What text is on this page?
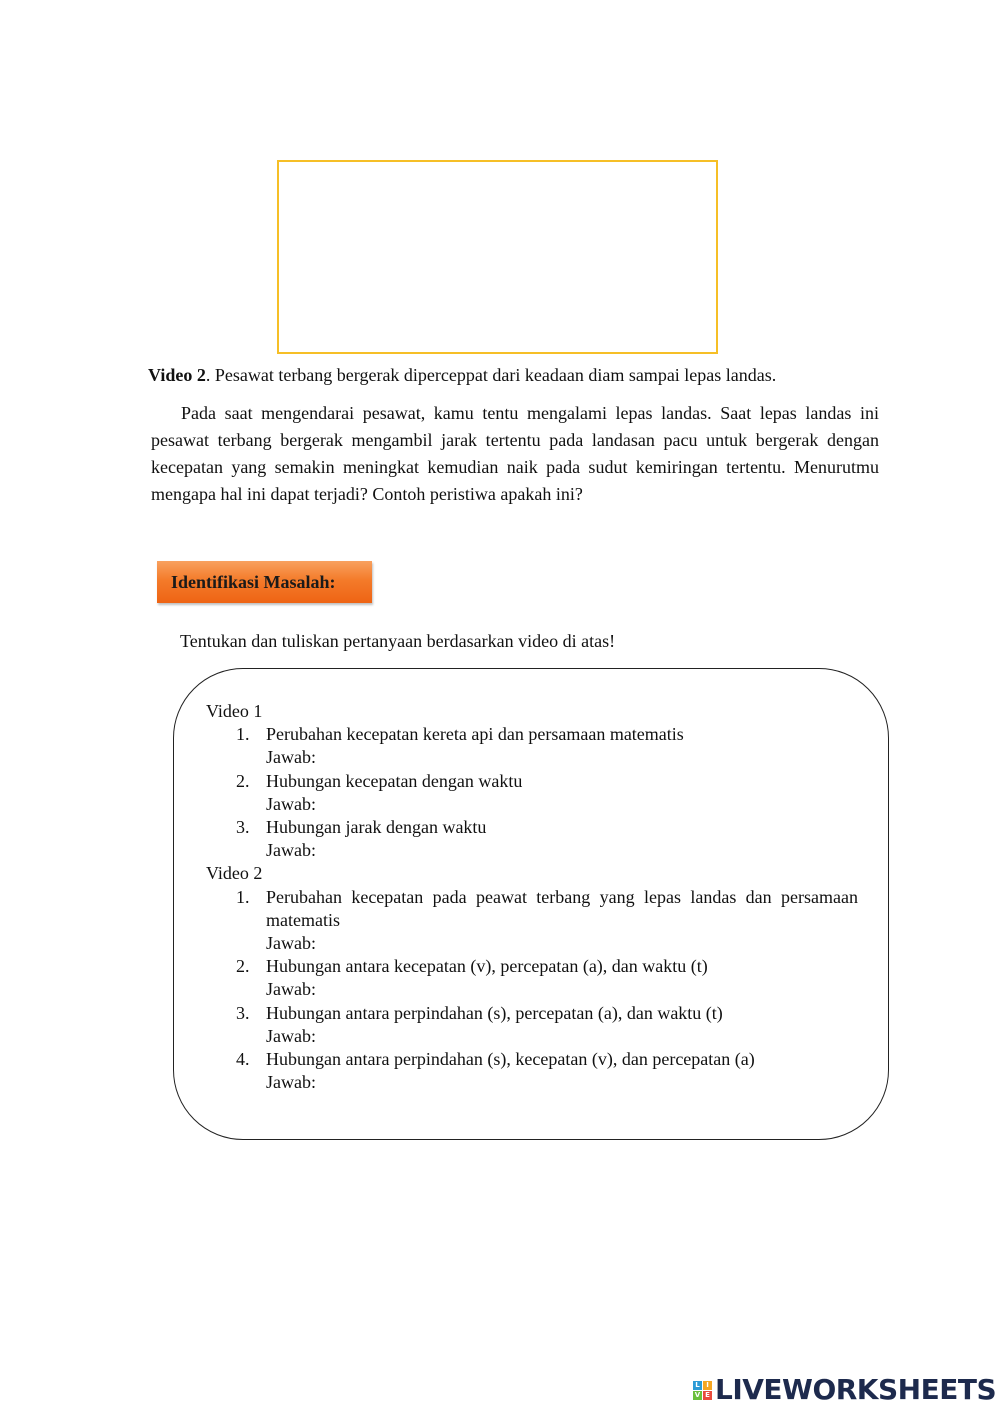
Video 2. Pesawat terbang bergerak diperceppat dari keadaan diam sampai lepas landas.

Pada saat mengendarai pesawat, kamu tentu mengalami lepas landas. Saat lepas landas ini pesawat terbang bergerak mengambil jarak tertentu pada landasan pacu untuk bergerak dengan kecepatan yang semakin meningkat kemudian naik pada sudut kemiringan tertentu. Menurutmu mengapa hal ini dapat terjadi? Contoh peristiwa apakah ini?

Identifikasi Masalah:
Tentukan dan tuliskan pertanyaan berdasarkan video di atas!
Video 1
1. Perubahan kecepatan kereta api dan persamaan matematis
Jawab:
2. Hubungan kecepatan dengan waktu
Jawab:
3. Hubungan jarak dengan waktu
Jawab:
Video 2
1. Perubahan kecepatan pada peawat terbang yang lepas landas dan persamaan matematis
Jawab:
2. Hubungan antara kecepatan (v), percepatan (a), dan waktu (t)
Jawab:
3. Hubungan antara perpindahan (s), percepatan (a), dan waktu (t)
Jawab:
4. Hubungan antara perpindahan (s), kecepatan (v), dan percepatan (a)
Jawab:
L I
V E LIVEWORKSHEETS
